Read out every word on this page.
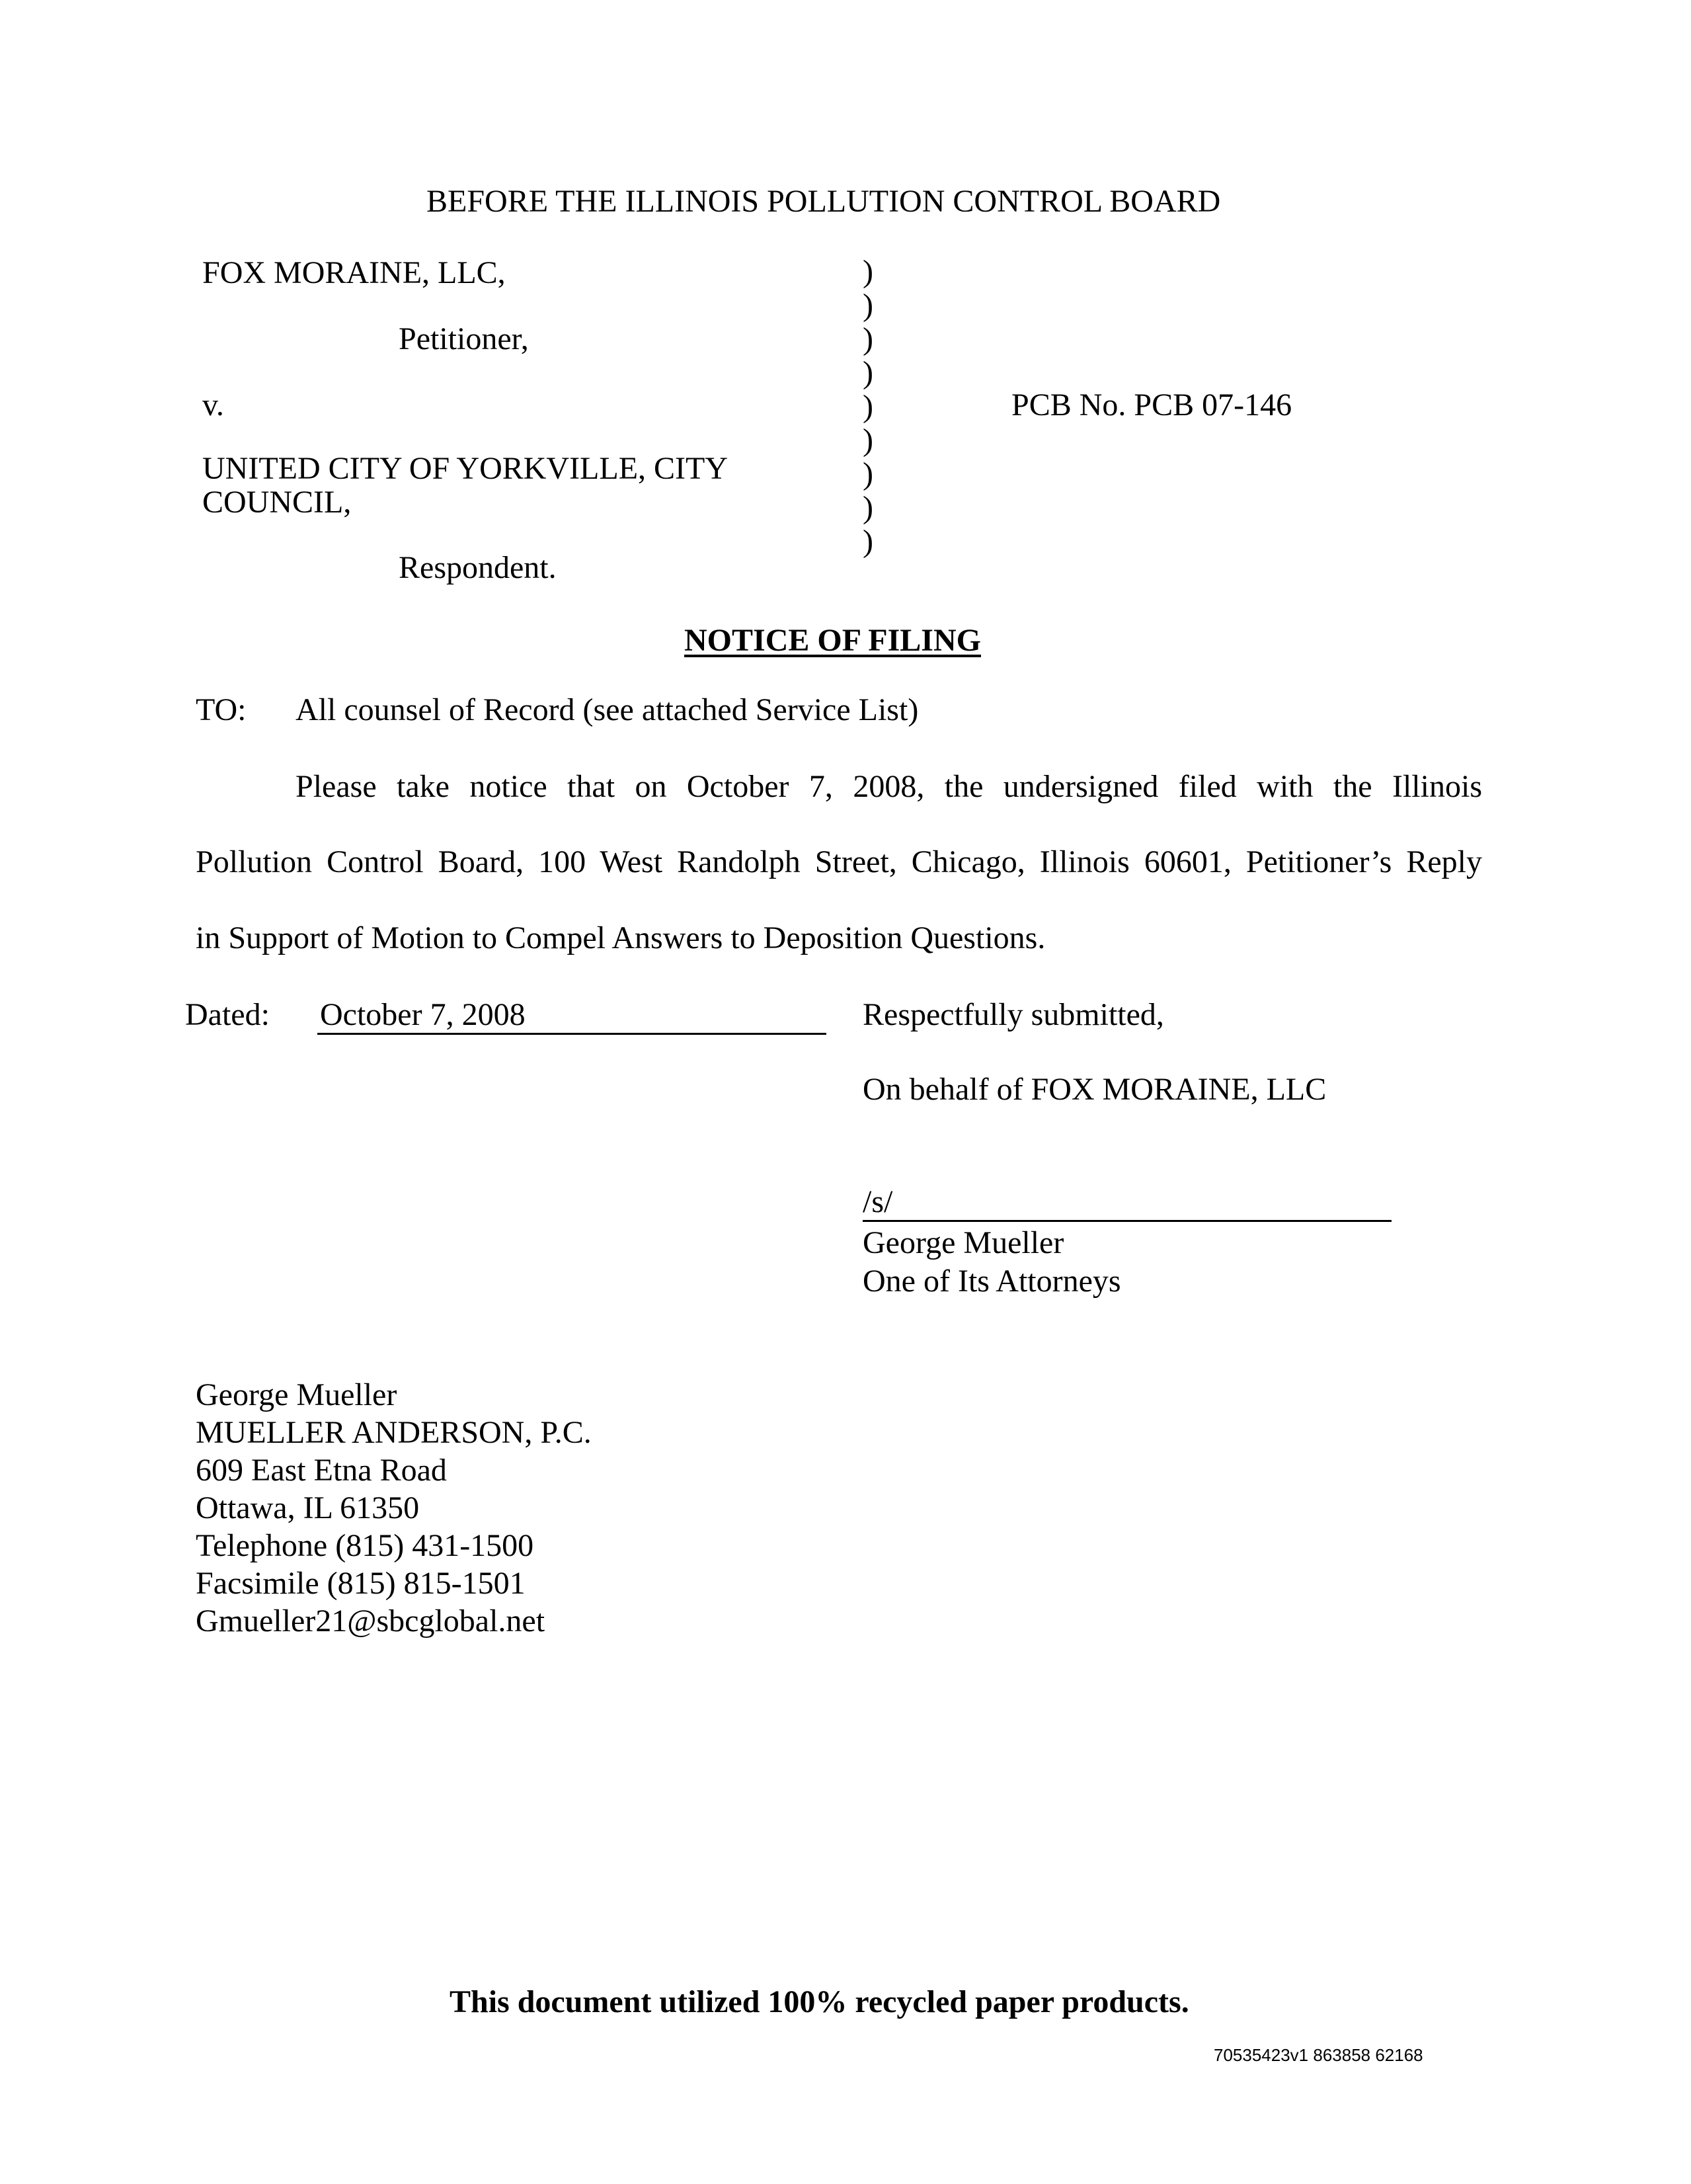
BEFORE THE ILLINOIS POLLUTION CONTROL BOARD
FOX MORAINE, LLC,
Petitioner,
v.
UNITED CITY OF YORKVILLE, CITY
COUNCIL,
Respondent.
)
)
)
)
)
)
)
)
)
PCB No. PCB 07-146
NOTICE OF FILING
TO: All counsel of Record (see attached Service List)
Please take notice that on October 7, 2008, the undersigned filed with the Illinois
Pollution Control Board, 100 West Randolph Street, Chicago, Illinois 60601, Petitioner’s Reply
in Support of Motion to Compel Answers to Deposition Questions.
Dated: October 7, 2008	Respectfully submitted,
On behalf of FOX MORAINE, LLC
/s/
George Mueller
One of Its Attorneys
George Mueller
MUELLER ANDERSON, P.C.
609 East Etna Road
Ottawa, IL 61350
Telephone (815) 431-1500
Facsimile (815) 815-1501
Gmueller21@sbcglobal.net
This document utilized 100% recycled paper products.
70535423v1 863858 62168
